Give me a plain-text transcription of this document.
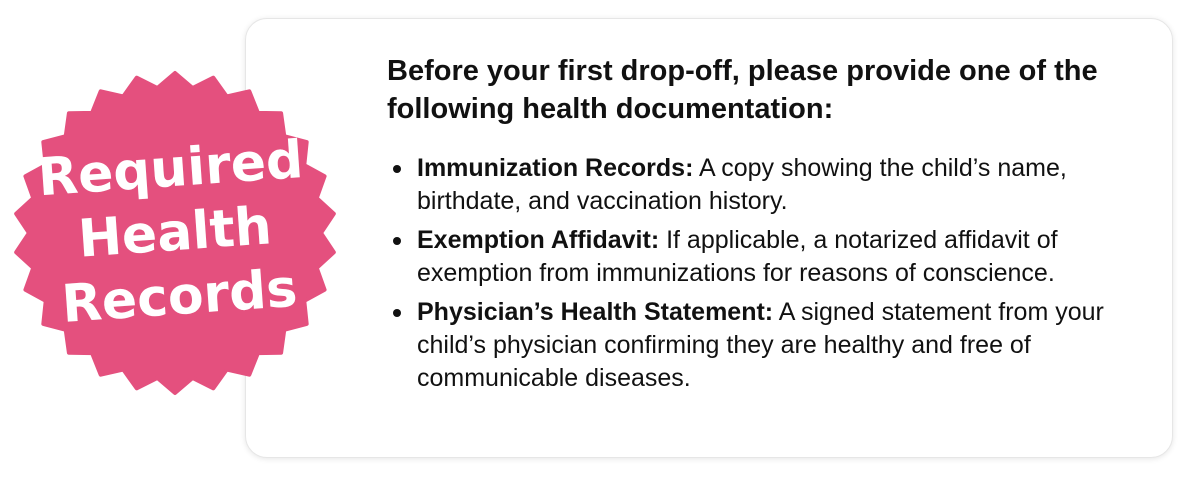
Required
Health
Records
Before your first drop-off, please provide one of the following health documentation:
Immunization Records: A copy showing the child’s name, birthdate, and vaccination history.
Exemption Affidavit: If applicable, a notarized affidavit of exemption from immunizations for reasons of conscience.
Physician’s Health Statement: A signed statement from your child’s physician confirming they are healthy and free of communicable diseases.
